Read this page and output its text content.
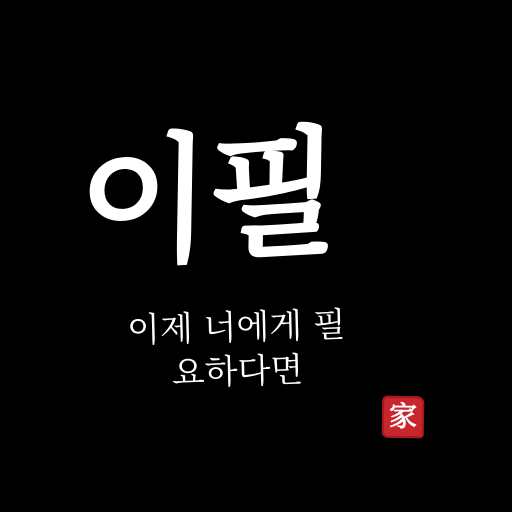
이필
이제 너에게 필
요하다면
家
